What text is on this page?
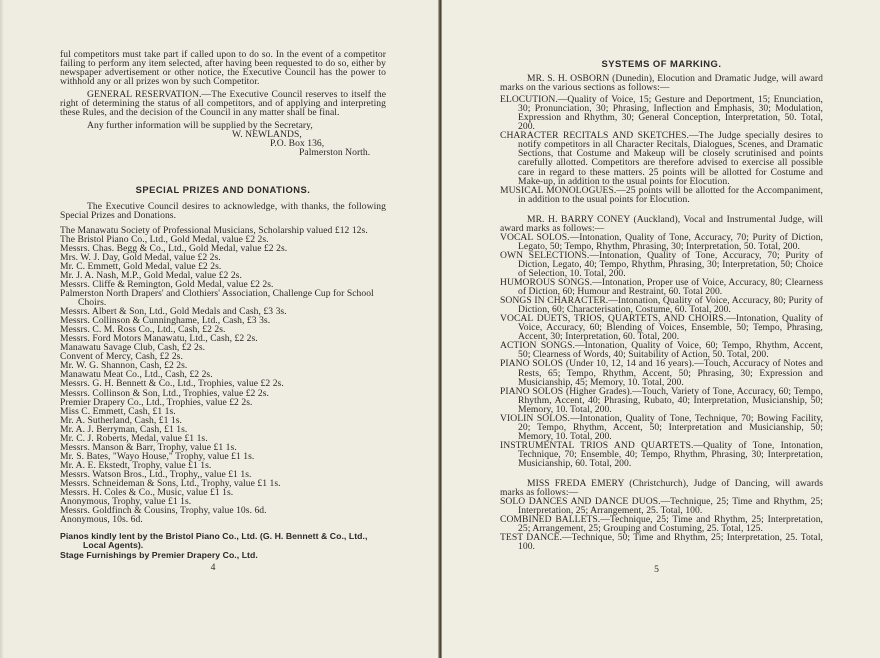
ful competitors must take part if called upon to do so. In the event of a competitor failing to perform any item selected, after having been requested to do so, either by newspaper advertisement or other notice, the Executive Council has the power to withhold any or all prizes won by such Competitor.

GENERAL RESERVATION.—The Executive Council reserves to itself the right of determining the status of all competitors, and of applying and interpreting these Rules, and the decision of the Council in any matter shall be final.

Any further information will be supplied by the Secretary,

W. NEWLANDS,
P.O. Box 136,
Palmerston North.
SPECIAL PRIZES AND DONATIONS.

The Executive Council desires to acknowledge, with thanks, the following Special Prizes and Donations.

The Manawatu Society of Professional Musicians, Scholarship valued £12 12s.

The Bristol Piano Co., Ltd., Gold Medal, value £2 2s.

Messrs. Chas. Begg & Co., Ltd., Gold Medal, value £2 2s.

Mrs. W. J. Day, Gold Medal, value £2 2s.

Mr. C. Emmett, Gold Medal, value £2 2s.

Mr. J. A. Nash, M.P., Gold Medal, value £2 2s.

Messrs. Cliffe & Remington, Gold Medal, value £2 2s.

Palmerston North Drapers' and Clothiers' Association, Challenge Cup for School Choirs.

Messrs. Albert & Son, Ltd., Gold Medals and Cash, £3 3s.

Messrs. Collinson & Cunninghame, Ltd., Cash, £3 3s.

Messrs. C. M. Ross Co., Ltd., Cash, £2 2s.

Messrs. Ford Motors Manawatu, Ltd., Cash, £2 2s.

Manawatu Savage Club, Cash, £2 2s.

Convent of Mercy, Cash, £2 2s.

Mr. W. G. Shannon, Cash, £2 2s.

Manawatu Meat Co., Ltd., Cash, £2 2s.

Messrs. G. H. Bennett & Co., Ltd., Trophies, value £2 2s.

Messrs. Collinson & Son, Ltd., Trophies, value £2 2s.

Premier Drapery Co., Ltd., Trophies, value £2 2s.

Miss C. Emmett, Cash, £1 1s.

Mr. A. Sutherland, Cash, £1 1s.

Mr. A. J. Berryman, Cash, £1 1s.

Mr. C. J. Roberts, Medal, value £1 1s.

Messrs. Manson & Barr, Trophy, value £1 1s.

Mr. S. Bates, "Wayo House," Trophy, value £1 1s.

Mr. A. E. Ekstedt, Trophy, value £1 1s.

Messrs. Watson Bros., Ltd., Trophy,, value £1 1s.

Messrs. Schneideman & Sons, Ltd., Trophy, value £1 1s.

Messrs. H. Coles & Co., Music, value £1 1s.

Anonymous, Trophy, value £1 1s.

Messrs. Goldfinch & Cousins, Trophy, value 10s. 6d.

Anonymous, 10s. 6d.

Pianos kindly lent by the Bristol Piano Co., Ltd. (G. H. Bennett & Co., Ltd., Local Agents).

Stage Furnishings by Premier Drapery Co., Ltd.

4
SYSTEMS OF MARKING.

MR. S. H. OSBORN (Dunedin), Elocution and Dramatic Judge, will award marks on the various sections as follows:—

ELOCUTION.—Quality of Voice, 15; Gesture and Deportment, 15; Enunciation, 30; Pronunciation, 30; Phrasing, Inflection and Emphasis, 30; Modulation, Expression and Rhythm, 30; General Conception, Interpretation, 50. Total, 200.

CHARACTER RECITALS AND SKETCHES.—The Judge specially desires to notify competitors in all Character Recitals, Dialogues, Scenes, and Dramatic Sections, that Costume and Makeup will be closely scrutinised and points carefully allotted. Competitors are therefore advised to exercise all possible care in regard to these matters. 25 points will be allotted for Costume and Make-up, in addition to the usual points for Elocution.

MUSICAL MONOLOGUES.—25 points will be allotted for the Accompaniment, in addition to the usual points for Elocution.

MR. H. BARRY CONEY (Auckland), Vocal and Instrumental Judge, will award marks as follows:—

VOCAL SOLOS.—Intonation, Quality of Tone, Accuracy, 70; Purity of Diction, Legato, 50; Tempo, Rhythm, Phrasing, 30; Interpretation, 50. Total, 200.

OWN SELECTIONS.—Intonation, Quality of Tone, Accuracy, 70; Purity of Diction, Legato, 40; Tempo, Rhythm, Phrasing, 30; Interpretation, 50; Choice of Selection, 10. Total, 200.

HUMOROUS SONGS.—Intonation, Proper use of Voice, Accuracy, 80; Clearness of Diction, 60; Humour and Restraint, 60. Total 200.

SONGS IN CHARACTER.—Intonation, Quality of Voice, Accuracy, 80; Purity of Diction, 60; Characterisation, Costume, 60. Total, 200.

VOCAL DUETS, TRIOS, QUARTETS, AND CHOIRS.—Intonation, Quality of Voice, Accuracy, 60; Blending of Voices, Ensemble, 50; Tempo, Phrasing, Accent, 30; Interpretation, 60. Total, 200.

ACTION SONGS.—Intonation, Quality of Voice, 60; Tempo, Rhythm, Accent, 50; Clearness of Words, 40; Suitability of Action, 50. Total, 200.

PIANO SOLOS (Under 10, 12, 14 and 16 years).—Touch, Accuracy of Notes and Rests, 65; Tempo, Rhythm, Accent, 50; Phrasing, 30; Expression and Musicianship, 45; Memory, 10. Total, 200.

PIANO SOLOS (Higher Grades).—Touch, Variety of Tone, Accuracy, 60; Tempo, Rhythm, Accent, 40; Phrasing, Rubato, 40; Interpretation, Musicianship, 50; Memory, 10. Total, 200.

VIOLIN SOLOS.—Intonation, Quality of Tone, Technique, 70; Bowing Facility, 20; Tempo, Rhythm, Accent, 50; Interpretation and Musicianship, 50; Memory, 10. Total, 200.

INSTRUMENTAL TRIOS AND QUARTETS.—Quality of Tone, Intonation, Technique, 70; Ensemble, 40; Tempo, Rhythm, Phrasing, 30; Interpretation, Musicianship, 60. Total, 200.

MISS FREDA EMERY (Christchurch), Judge of Dancing, will awards marks as follows:—

SOLO DANCES AND DANCE DUOS.—Technique, 25; Time and Rhythm, 25; Interpretation, 25; Arrangement, 25. Total, 100.

COMBINED BALLETS.—Technique, 25; Time and Rhythm, 25; Interpretation, 25; Arrangement, 25; Grouping and Costuming, 25. Total, 125.

TEST DANCE.—Technique, 50; Time and Rhythm, 25; Interpretation, 25. Total, 100.

5
